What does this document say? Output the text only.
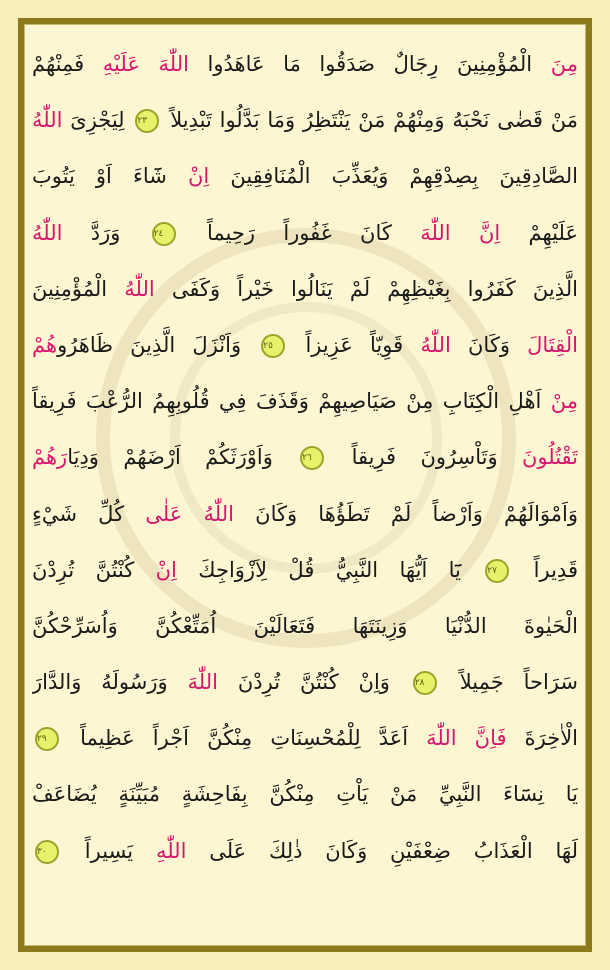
مِنَ الْمُؤْمِنِينَ رِجَالٌ صَدَقُوا مَا عَاهَدُوا اللّٰهَ عَلَيْهِ فَمِنْهُمْ
مَنْ قَضٰى نَحْبَهُ وَمِنْهُمْ مَنْ يَنْتَظِرُ وَمَا بَدَّلُوا تَبْدِيلاً ٢٣ لِيَجْزِىَ اللّٰهُ
الصَّادِقِينَ بِصِدْقِهِمْ وَيُعَذِّبَ الْمُنَافِقِينَ اِنْ شَٓاءَ اَوْ يَتُوبَ
عَلَيْهِمْ اِنَّ اللّٰهَ كَانَ غَفُوراً رَحِيماً ٢٤ وَرَدَّ اللّٰهُ
الَّذِينَ كَفَرُوا بِغَيْظِهِمْ لَمْ يَنَالُوا خَيْراً وَكَفَى اللّٰهُ الْمُؤْمِنِينَ
الْقِتَالَ وَكَانَ اللّٰهُ قَوِيّاً عَزِيزاً ٢٥ وَاَنْزَلَ الَّذِينَ ظَاهَرُوهُمْ
مِنْ اَهْلِ الْكِتَابِ مِنْ صَيَاصِيهِمْ وَقَذَفَ فِي قُلُوبِهِمُ الرُّعْبَ فَرِيقاً
تَقْتُلُونَ وَتَاْسِرُونَ فَرِيقاً ٢٦ وَاَوْرَثَكُمْ اَرْضَهُمْ وَدِيَارَهُمْ
وَاَمْوَالَهُمْ وَاَرْضاً لَمْ تَطَؤُهَا وَكَانَ اللّٰهُ عَلٰى كُلِّ شَيْءٍ
قَدِيراً ٢٧ يَٓا اَيُّهَا النَّبِيُّ قُلْ لِاَزْوَاجِكَ اِنْ كُنْتُنَّ تُرِدْنَ
الْحَيٰوةَ الدُّنْيَا وَزِينَتَهَا فَتَعَالَيْنَ اُمَتِّعْكُنَّ وَاُسَرِّحْكُنَّ
سَرَاحاً جَمِيلاً ٢٨ وَاِنْ كُنْتُنَّ تُرِدْنَ اللّٰهَ وَرَسُولَهُ وَالدَّارَ
الْاٰخِرَةَ فَاِنَّ اللّٰهَ اَعَدَّ لِلْمُحْسِنَاتِ مِنْكُنَّ اَجْراً عَظِيماً ٢٩
يَا نِسَٓاءَ النَّبِيِّ مَنْ يَاْتِ مِنْكُنَّ بِفَاحِشَةٍ مُبَيِّنَةٍ يُضَاعَفْ
لَهَا الْعَذَابُ ضِعْفَيْنِ وَكَانَ ذٰلِكَ عَلَى اللّٰهِ يَسِيراً ٣٠
